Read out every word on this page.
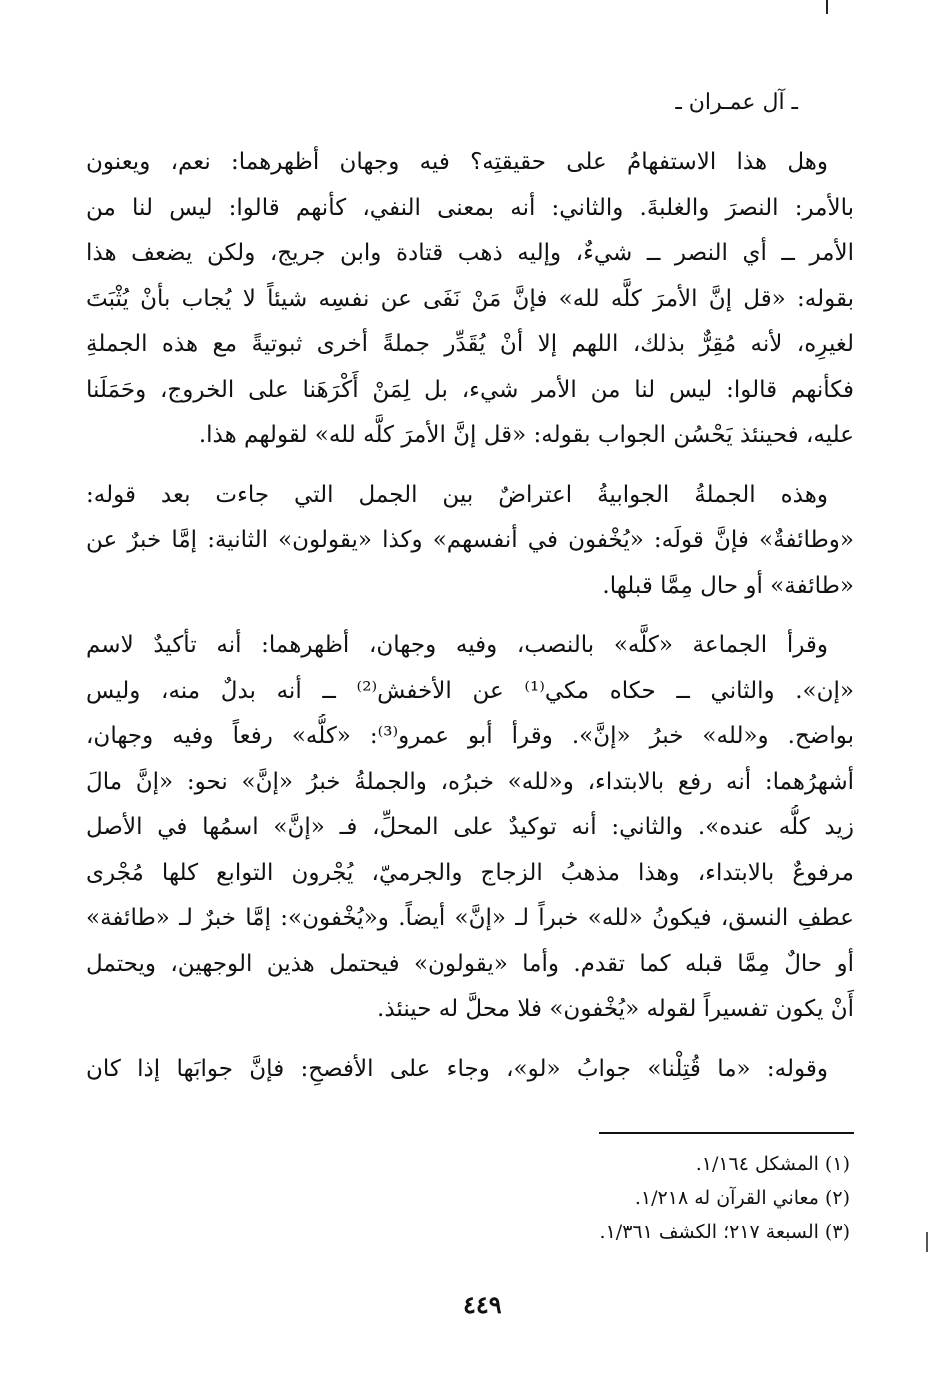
ـ آل عمـران ـ
وهل هذا الاستفهامُ على حقيقتِه؟ فيه وجهان أظهرهما: نعم، ويعنون
بالأمر: النصرَ والغلبةَ. والثاني: أنه بمعنى النفي، كأنهم قالوا: ليس لنا من
الأمر ــ أي النصر ــ شيءٌ، وإليه ذهب قتادة وابن جريج، ولكن يضعف هذا
بقوله: «قل إنَّ الأمرَ كلَّه لله» فإنَّ مَنْ نَفَى عن نفسِه شيئاً لا يُجاب بأنْ يُثْبَتَ
لغيرِه، لأنه مُقِرٌّ بذلك، اللهم إلا أنْ يُقَدِّر جملةً أخرى ثبوتيةً مع هذه الجملةِ
فكأنهم قالوا: ليس لنا من الأمر شيء، بل لِمَنْ أَكْرَهَنا على الخروج، وحَمَلَنا
عليه، فحينئذ يَحْسُن الجواب بقوله: «قل إنَّ الأمرَ كلَّه لله» لقولهم هذا.
وهذه الجملةُ الجوابيةُ اعتراضٌ بين الجمل التي جاءت بعد قوله:
«وطائفةٌ» فإنَّ قولَه: «يُخْفون في أنفسهم» وكذا «يقولون» الثانية: إمَّا خبرٌ عن
«طائفة» أو حال مِمَّا قبلها.
وقرأ الجماعة «كلَّه» بالنصب، وفيه وجهان، أظهرهما: أنه تأكيدٌ لاسم
«إن». والثاني ــ حكاه مكي⁽¹⁾ عن الأخفش⁽²⁾ ــ أنه بدلٌ منه، وليس
بواضح. و«لله» خبرُ «إنَّ». وقرأ أبو عمرو⁽³⁾: «كلُّه» رفعاً وفيه وجهان،
أشهرُهما: أنه رفع بالابتداء، و«لله» خبرُه، والجملةُ خبرُ «إنَّ» نحو: «إنَّ مالَ
زيد كلُّه عنده». والثاني: أنه توكيدٌ على المحلِّ، فـ «إنَّ» اسمُها في الأصل
مرفوعٌ بالابتداء، وهذا مذهبُ الزجاج والجرميّ، يُجْرون التوابع كلها مُجْرى
عطفِ النسق، فيكونُ «لله» خبراً لـ «إنَّ» أيضاً. و«يُخْفون»: إمَّا خبرٌ لـ «طائفة»
أو حالٌ مِمَّا قبله كما تقدم. وأما «يقولون» فيحتمل هذين الوجهين، ويحتمل
أَنْ يكون تفسيراً لقوله «يُخْفون» فلا محلَّ له حينئذ.
وقوله: «ما قُتِلْنا» جوابُ «لو»، وجاء على الأفصحِ: فإنَّ جوابَها إذا كان
(١) المشكل ١/١٦٤.
(٢) معاني القرآن له ١/٢١٨.
(٣) السبعة ٢١٧؛ الكشف ١/٣٦١.
٤٤٩
